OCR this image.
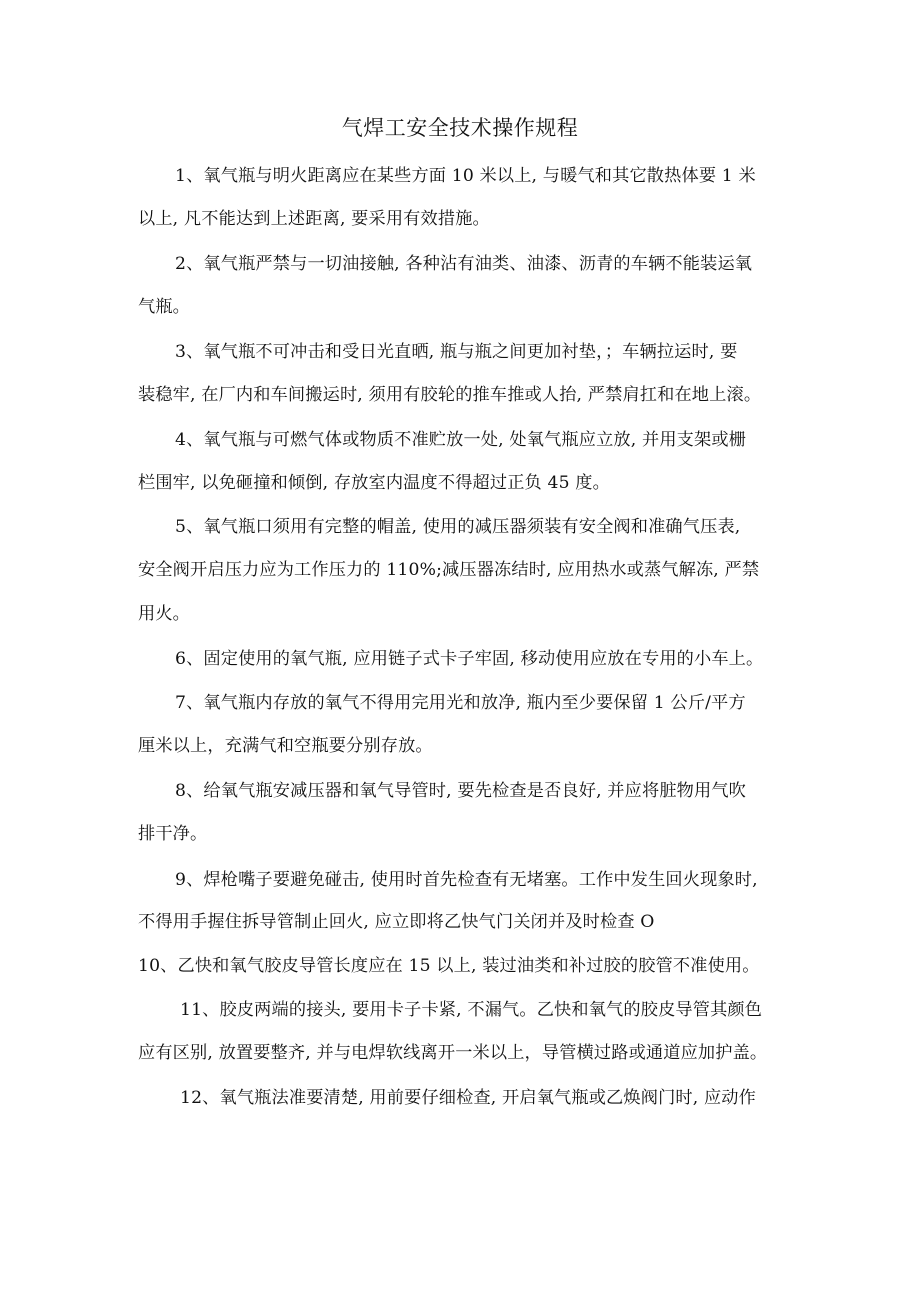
气焊工安全技术操作规程
1、氧气瓶与明火距离应在某些方面 10 米以上, 与暖气和其它散热体要 1 米
以上, 凡不能达到上述距离, 要采用有效措施。
2、氧气瓶严禁与一切油接触, 各种沾有油类、油漆、沥青的车辆不能装运氧
气瓶。
3、氧气瓶不可冲击和受日光直晒, 瓶与瓶之间更加衬垫，；车辆拉运时, 要
装稳牢, 在厂内和车间搬运时, 须用有胶轮的推车推或人抬, 严禁肩扛和在地上滚。
4、氧气瓶与可燃气体或物质不准贮放一处, 处氧气瓶应立放, 并用支架或栅
栏围牢, 以免砸撞和倾倒, 存放室内温度不得超过正负 45 度。
5、氧气瓶口须用有完整的帽盖, 使用的减压器须装有安全阀和准确气压表,
安全阀开启压力应为工作压力的 110%;减压器冻结时, 应用热水或蒸气解冻, 严禁
用火。
6、固定使用的氧气瓶, 应用链子式卡子牢固, 移动使用应放在专用的小车上。
7、氧气瓶内存放的氧气不得用完用光和放净, 瓶内至少要保留 1 公斤/平方
厘米以上，充满气和空瓶要分别存放。
8、给氧气瓶安减压器和氧气导管时, 要先检查是否良好, 并应将脏物用气吹
排干净。
9、焊枪嘴子要避免碰击, 使用时首先检查有无堵塞。工作中发生回火现象时,
不得用手握住拆导管制止回火, 应立即将乙快气门关闭并及时检查 O
10、乙快和氧气胶皮导管长度应在 15 以上, 装过油类和补过胶的胶管不准使用。
11、胶皮两端的接头, 要用卡子卡紧, 不漏气。乙快和氧气的胶皮导管其颜色
应有区别, 放置要整齐, 并与电焊软线离开一米以上，导管横过路或通道应加护盖。
12、氧气瓶法准要清楚, 用前要仔细检查, 开启氧气瓶或乙焕阀门时, 应动作
